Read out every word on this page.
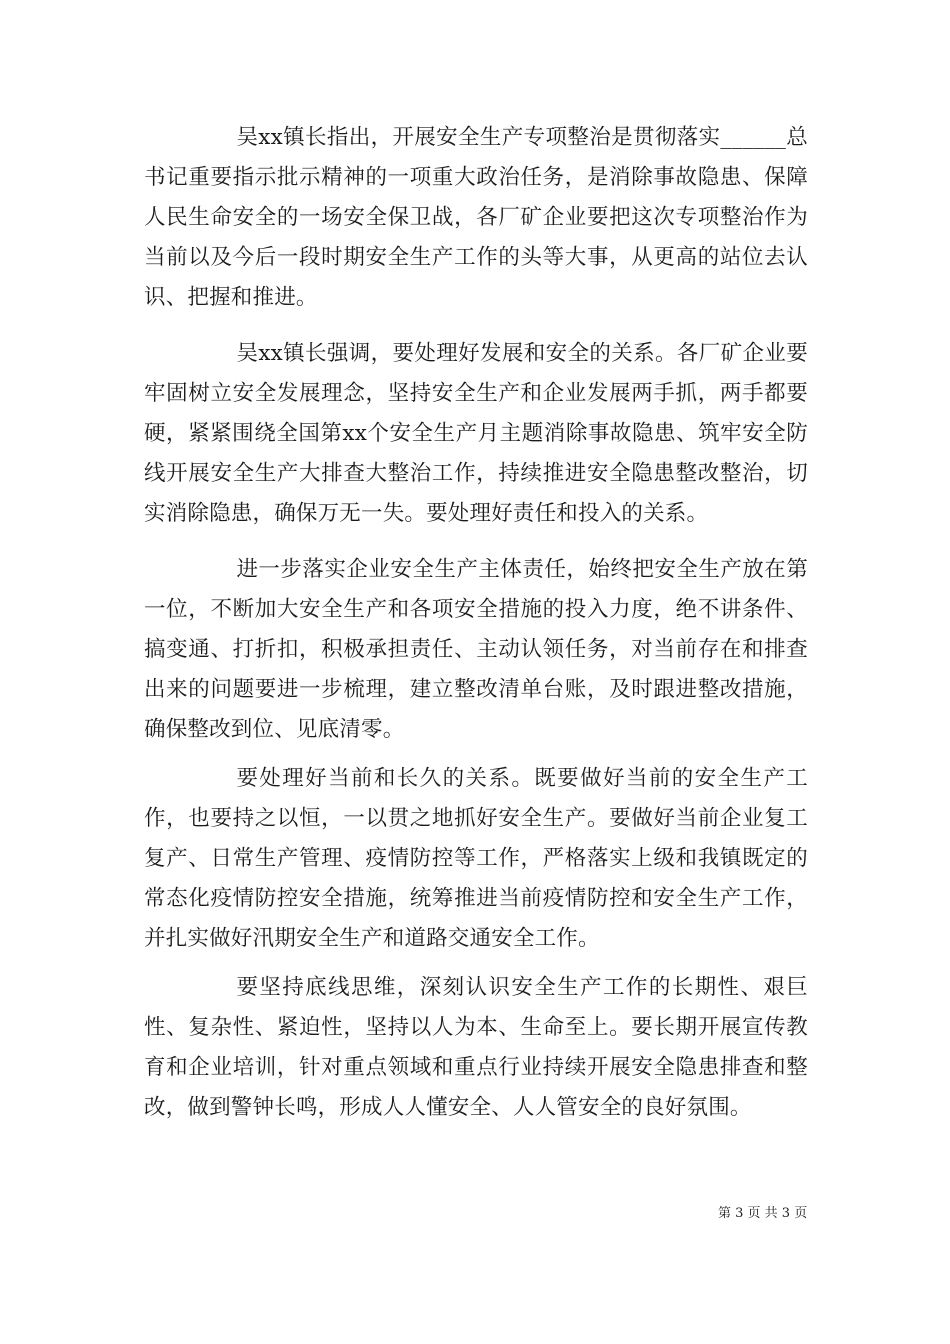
吴xx镇长指出，开展安全生产专项整治是贯彻落实______总书记重要指示批示精神的一项重大政治任务，是消除事故隐患、保障人民生命安全的一场安全保卫战，各厂矿企业要把这次专项整治作为当前以及今后一段时期安全生产工作的头等大事，从更高的站位去认识、把握和推进。

吴xx镇长强调，要处理好发展和安全的关系。各厂矿企业要牢固树立安全发展理念，坚持安全生产和企业发展两手抓，两手都要硬，紧紧围绕全国第xx个安全生产月主题消除事故隐患、筑牢安全防线开展安全生产大排查大整治工作，持续推进安全隐患整改整治，切实消除隐患，确保万无一失。要处理好责任和投入的关系。

进一步落实企业安全生产主体责任，始终把安全生产放在第一位，不断加大安全生产和各项安全措施的投入力度，绝不讲条件、搞变通、打折扣，积极承担责任、主动认领任务，对当前存在和排查出来的问题要进一步梳理，建立整改清单台账，及时跟进整改措施，确保整改到位、见底清零。

要处理好当前和长久的关系。既要做好当前的安全生产工作，也要持之以恒，一以贯之地抓好安全生产。要做好当前企业复工复产、日常生产管理、疫情防控等工作，严格落实上级和我镇既定的常态化疫情防控安全措施，统筹推进当前疫情防控和安全生产工作，并扎实做好汛期安全生产和道路交通安全工作。

要坚持底线思维，深刻认识安全生产工作的长期性、艰巨性、复杂性、紧迫性，坚持以人为本、生命至上。要长期开展宣传教育和企业培训，针对重点领域和重点行业持续开展安全隐患排查和整改，做到警钟长鸣，形成人人懂安全、人人管安全的良好氛围。

第 3 页 共 3 页
